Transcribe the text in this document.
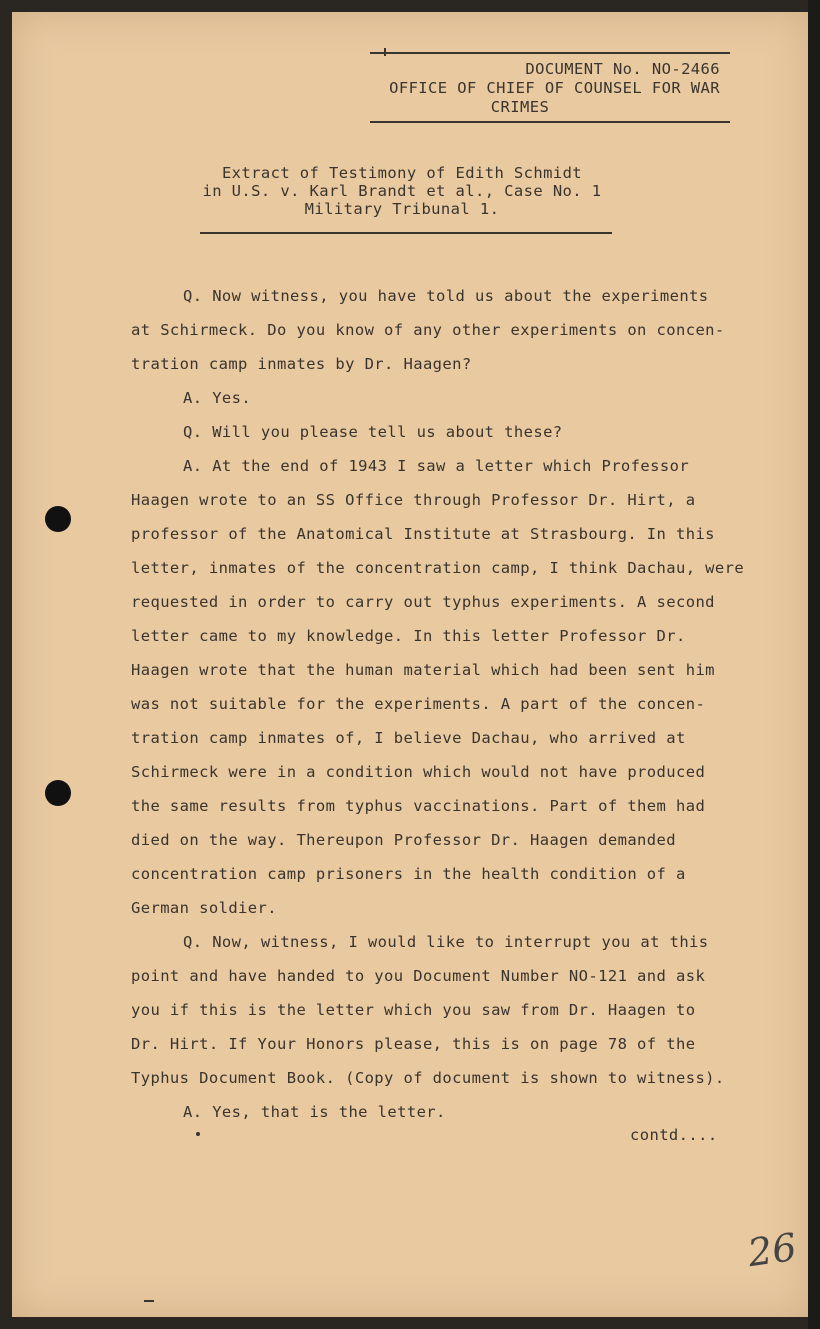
DOCUMENT No. NO-2466
OFFICE OF CHIEF OF COUNSEL FOR WAR
CRIMES
Extract of Testimony of Edith Schmidt
in U.S. v. Karl Brandt et al., Case No. 1
Military Tribunal 1.

Q. Now witness, you have told us about the experiments

at Schirmeck. Do you know of any other experiments on concen-

tration camp inmates by Dr. Haagen?

A. Yes.

Q. Will you please tell us about these?

A. At the end of 1943 I saw a letter which Professor

Haagen wrote to an SS Office through Professor Dr. Hirt, a

professor of the Anatomical Institute at Strasbourg. In this

letter, inmates of the concentration camp, I think Dachau, were

requested in order to carry out typhus experiments. A second

letter came to my knowledge. In this letter Professor Dr.

Haagen wrote that the human material which had been sent him

was not suitable for the experiments. A part of the concen-

tration camp inmates of, I believe Dachau, who arrived at

Schirmeck were in a condition which would not have produced

the same results from typhus vaccinations. Part of them had

died on the way. Thereupon Professor Dr. Haagen demanded

concentration camp prisoners in the health condition of a

German soldier.

Q. Now, witness, I would like to interrupt you at this

point and have handed to you Document Number NO-121 and ask

you if this is the letter which you saw from Dr. Haagen to

Dr. Hirt. If Your Honors please, this is on page 78 of the

Typhus Document Book. (Copy of document is shown to witness).

A. Yes, that is the letter.

contd....
26
